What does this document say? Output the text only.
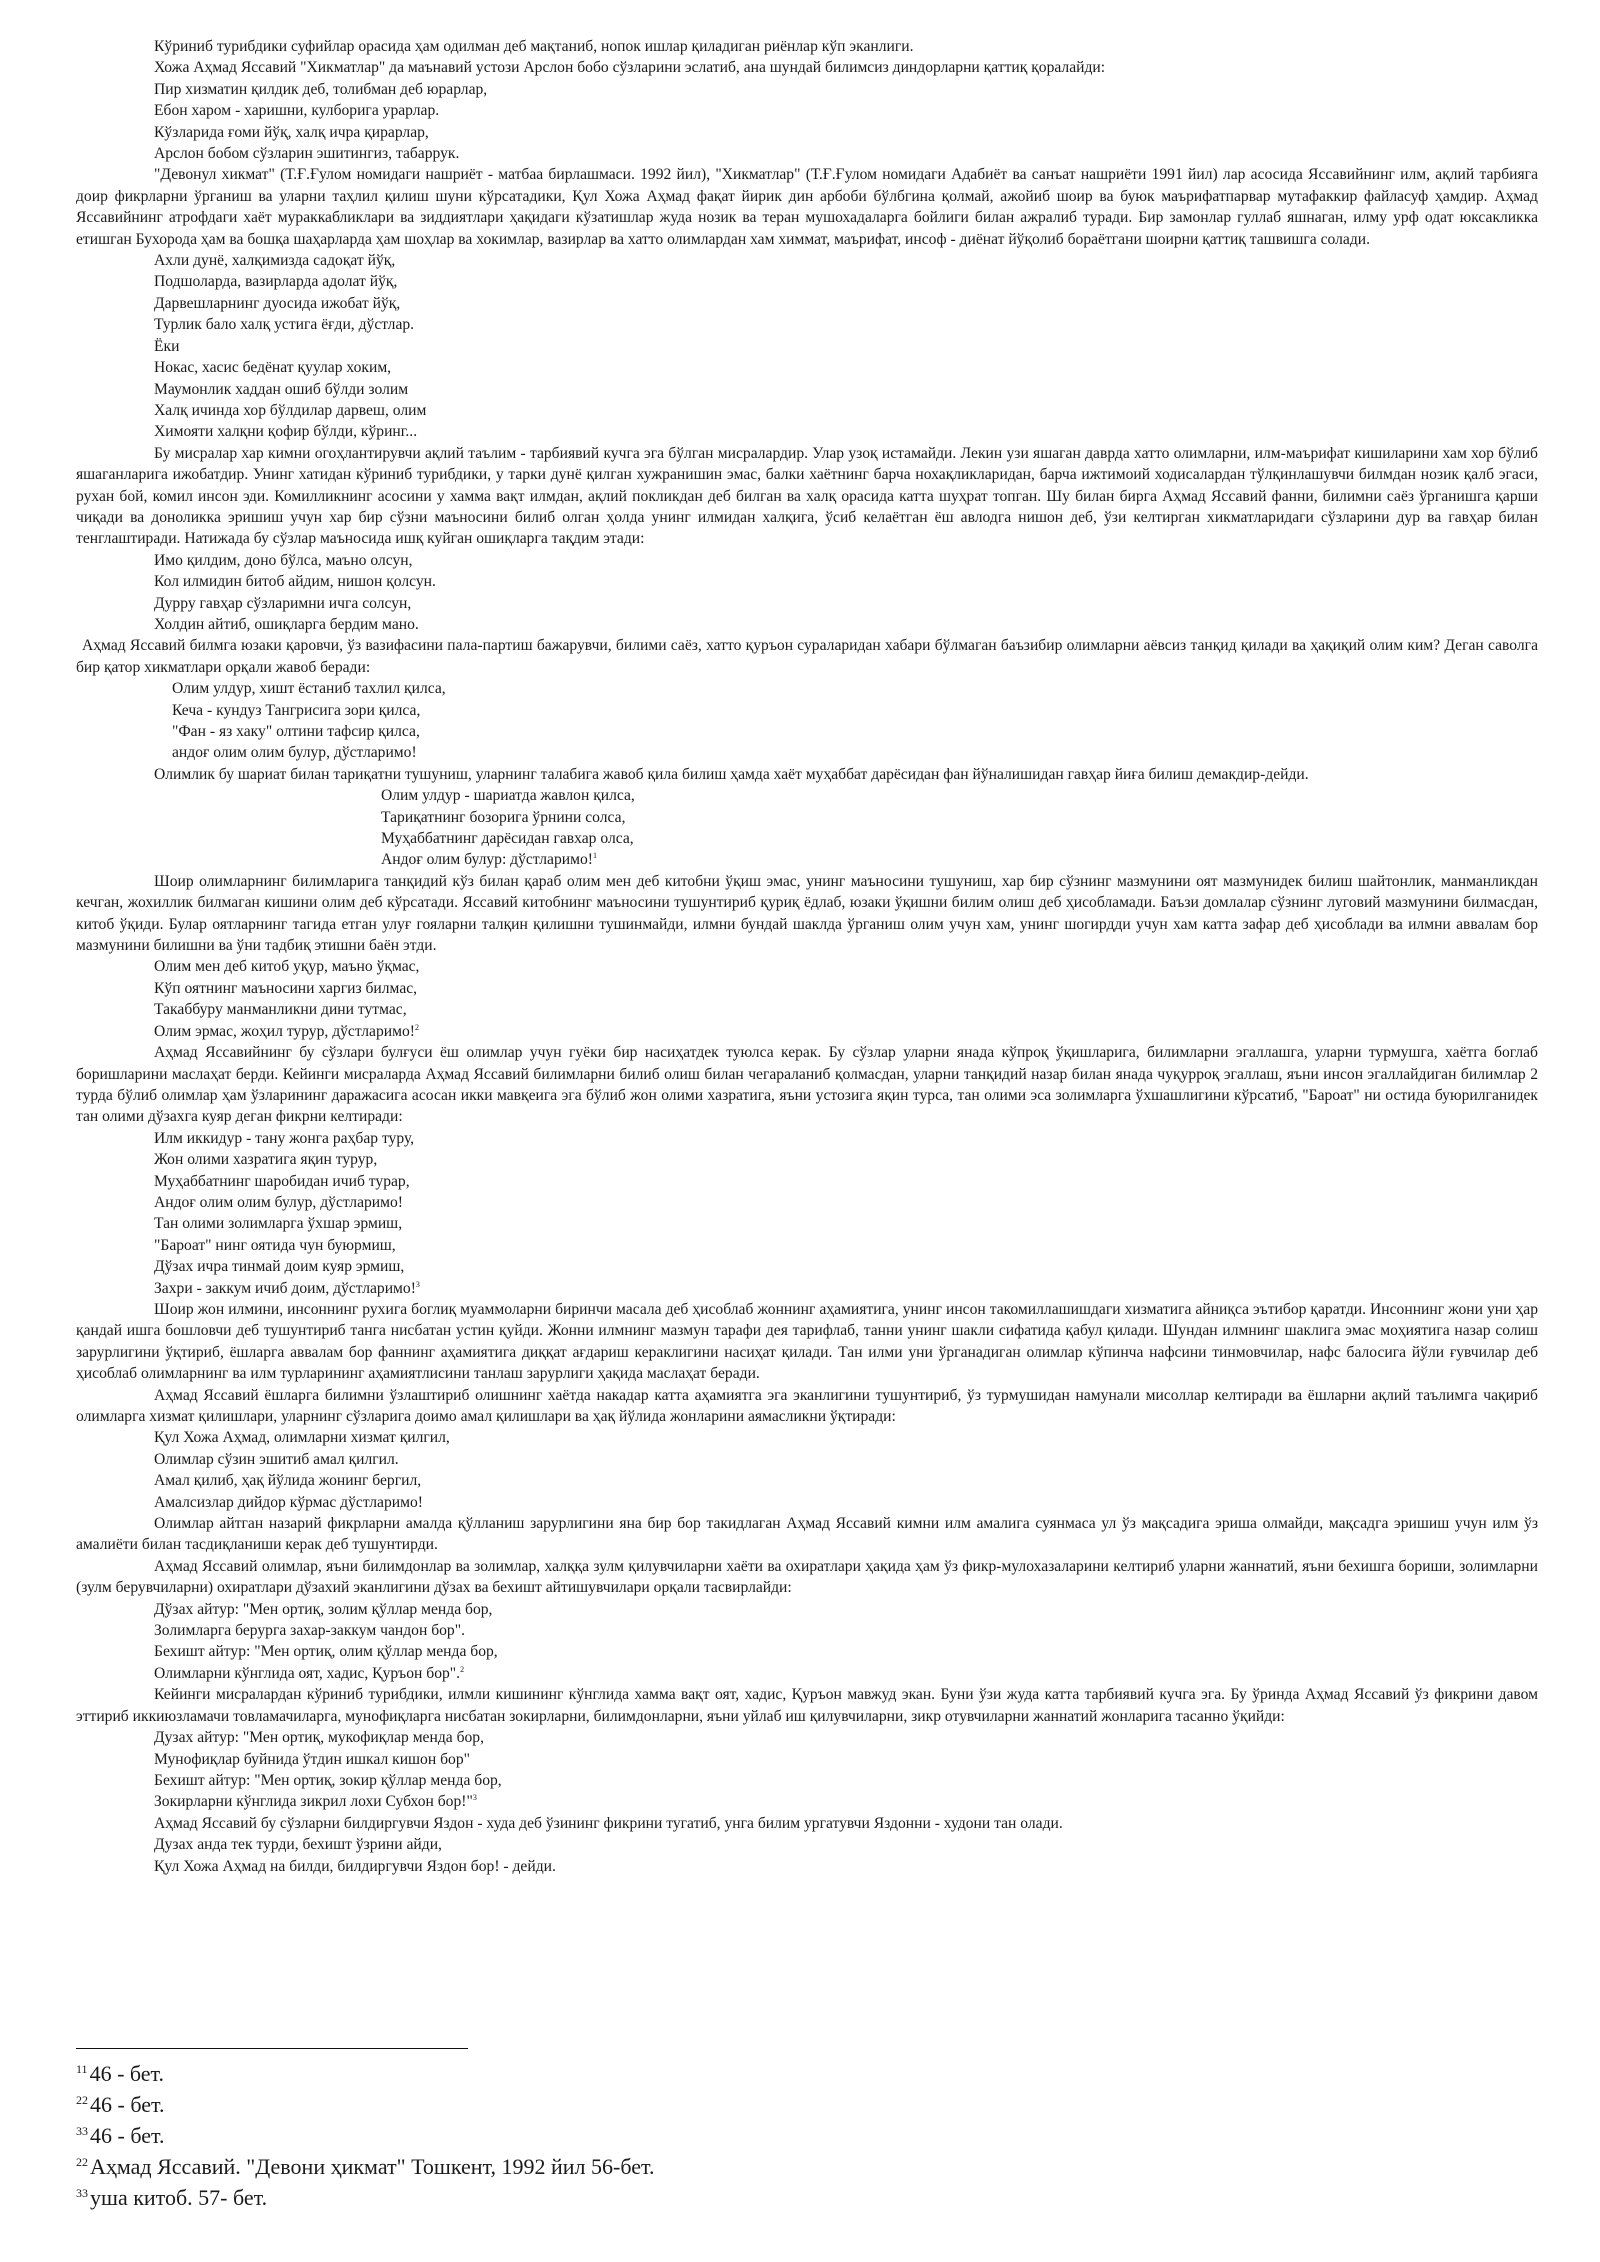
Кўриниб турибдики суфийлар орасида ҳам одилман деб мақтаниб, нопок ишлар қиладиган риёнлар кўп эканлиги.

Хожа Аҳмад Яссавий "Хикматлар" да маънавий устози Арслон бобо сўзларини эслатиб, ана шундай билимсиз диндорларни қаттиқ қоралайди:

Пир хизматин қилдик деб, толибман деб юрарлар,
Ебон харом - харишни, кулборига урарлар.
Кўзларида ғоми йўқ, халқ ичра қирарлар,
Арслон бобом сўзларин эшитингиз, табаррук.

"Девонул хикмат" (Т.Ғ.Ғулом номидаги нашриёт - матбаа бирлашмаси. 1992 йил), "Хикматлар" (Т.Ғ.Ғулом номидаги Адабиёт ва санъат нашриёти 1991 йил) лар асосида Яссавийнинг илм, ақлий тарбияга доир фикрларни ўрганиш ва уларни таҳлил қилиш шуни кўрсатадики, Қул Хожа Аҳмад фақат йирик дин арбоби бўлбгина қолмай, ажойиб шоир ва буюк маърифатпарвар мутафаккир файласуф ҳамдир. Аҳмад Яссавийнинг атрофдаги хаёт мураккабликлари ва зиддиятлари ҳақидаги кўзатишлар жуда нозик ва теран мушохадаларга бойлиги билан ажралиб туради. Бир замонлар гуллаб яшнаган, илму урф одат юксакликка етишган Бухорода ҳам ва бошқа шаҳарларда ҳам шоҳлар ва хокимлар, вазирлар ва хатто олимлардан хам химмат, маърифат, инсоф - диёнат йўқолиб бораётгани шоирни қаттиқ ташвишга солади.

Ахли дунё, халқимизда садоқат йўқ,
Подшоларда, вазирларда адолат йўқ,
Дарвешларнинг дуосида ижобат йўқ,
Турлик бало халқ устига ёғди, дўстлар.
Ёки
Нокас, хасис бедёнат қуулар хоким,
Маумонлик хаддан ошиб бўлди золим
Халқ ичинда хор бўлдилар дарвеш, олим
Химояти халқни қофир бўлди, кўринг...

Бу мисралар хар кимни огоҳлантирувчи ақлий таълим - тарбиявий кучга эга бўлган мисралардир. Улар узоқ истамайди. Лекин узи яшаган даврда хатто олимларни, илм-маърифат кишиларини хам хор бўлиб яшаганларига ижобатдир. Унинг хатидан кўриниб турибдики, у тарки дунё қилган хужранишин эмас, балки хаётнинг барча нохақликларидан, барча ижтимоий ходисалардан тўлқинлашувчи билмдан нозик қалб эгаси, рухан бой, комил инсон эди. Комилликнинг асосини у хамма вақт илмдан, ақлий покликдан деб билган ва халқ орасида катта шуҳрат топган. Шу билан бирга Аҳмад Яссавий фанни, билимни саёз ўрганишга қарши чиқади ва доноликка эришиш учун хар бир сўзни маъносини билиб олган ҳолда унинг илмидан халқига, ўсиб келаётган ёш авлодга нишон деб, ўзи келтирган хикматларидаги сўзларини дур ва гавҳар билан тенглаштиради. Натижада бу сўзлар маъносида ишқ куйган ошиқларга тақдим этади:

Имо қилдим, доно бўлса, маъно олсун,
Кол илмидин битоб айдим, нишон қолсун.
Дурру гавҳар сўзларимни ичга солсун,
Холдин айтиб, ошиқларга бердим мано.

Аҳмад Яссавий билмга юзаки қаровчи, ўз вазифасини пала-партиш бажарувчи, билими саёз, хатто қуръон сураларидан хабари бўлмаган баъзибир олимларни аёвсиз танқид қилади ва ҳақиқий олим ким? Деган саволга бир қатор хикматлари орқали жавоб беради:

Олим улдур, хишт ёстаниб тахлил қилса,
Кеча - кундуз Тангрисига зори қилса,
"Фан - яз хаку" олтини тафсир қилса,
андоғ олим олим булур, дўстларимо!

Олимлик бу шариат билан тариқатни тушуниш, уларнинг талабига жавоб қила билиш ҳамда хаёт муҳаббат дарёсидан фан йўналишидан гавҳар йиға билиш демакдир-дейди.

Олим улдур - шариатда жавлон қилса,
Тариқатнинг бозорига ўрнини солса,
Муҳаббатнинг дарёсидан гавхар олса,
Андоғ олим булур: дўстларимо!$^1$

Шоир олимларнинг билимларига танқидий кўз билан қараб олим мен деб китобни ўқиш эмас, унинг маъносини тушуниш, хар бир сўзнинг мазмунини оят мазмунидек билиш шайтонлик, манманликдан кечган, жохиллик билмаган кишини олим деб кўрсатади. Яссавий китобнинг маъносини тушунтириб қуриқ ёдлаб, юзаки ўқишни билим олиш деб ҳисобламади. Баъзи домлалар сўзнинг луговий мазмунини билмасдан, китоб ўқиди. Булар оятларнинг тагида етган улуғ гояларни талқин қилишни тушинмайди, илмни бундай шаклда ўрганиш олим учун хам, унинг шогирдди учун хам катта зафар деб ҳисоблади ва илмни аввалам бор мазмунини билишни ва ўни тадбиқ этишни баён этди.

Олим мен деб китоб уқур, маъно ўқмас,
Кўп оятнинг маъносини харгиз билмас,
Такаббуру манманликни дини тутмас,
Олим эрмас, жоҳил турур, дўстларимо!$^2$

Аҳмад Яссавийнинг бу сўзлари булғуси ёш олимлар учун гуёки бир насиҳатдек туюлса керак. Бу сўзлар уларни янада кўпроқ ўқишларига, билимларни эгаллашга, уларни турмушга, хаётга боглаб боришларини маслаҳат берди. Кейинги мисраларда Аҳмад Яссавий билимларни билиб олиш билан чегараланиб қолмасдан, уларни танқидий назар билан янада чуқурроқ эгаллаш, яъни инсон эгаллайдиган билимлар 2 турда бўлиб олимлар ҳам ўзларининг даражасига асосан икки мавқеига эга бўлиб жон олими хазратига, яъни устозига яқин турса, тан олими эса золимларга ўхшашлигини кўрсатиб, "Бароат" ни остида буюрилганидек тан олими дўзахга куяр деган фикрни келтиради:

Илм иккидур - тану жонга раҳбар туру,
Жон олими хазратига яқин турур,
Муҳаббатнинг шаробидан ичиб турар,
Андоғ олим олим булур, дўстларимо!
Тан олими золимларга ўхшар эрмиш,
"Бароат" нинг оятида чун буюрмиш,
Дўзах ичра тинмай доим куяр эрмиш,
Захри - заккум ичиб доим, дўстларимо!$^3$

Шоир жон илмини, инсоннинг рухига боглиқ муаммоларни биринчи масала деб ҳисоблаб жоннинг аҳамиятига, унинг инсон такомиллашишдаги хизматига айниқса эътибор қаратди. Инсоннинг жони уни ҳар қандай ишга бошловчи деб тушунтириб танга нисбатан устин қуйди. Жонни илмнинг мазмун тарафи дея тарифлаб, танни унинг шакли сифатида қабул қилади. Шундан илмнинг шаклига эмас моҳиятига назар солиш зарурлигини ўқтириб, ёшларга аввалам бор фаннинг аҳамиятига диққат ағдариш кераклигини насиҳат қилади. Тан илми уни ўрганадиган олимлар кўпинча нафсини тинмовчилар, нафс балосига йўли ғувчилар деб ҳисоблаб олимларнинг ва илм турларининг аҳамиятлисини танлаш зарурлиги ҳақида маслаҳат беради.

Аҳмад Яссавий ёшларга билимни ўзлаштириб олишнинг хаётда накадар катта аҳамиятга эга эканлигини тушунтириб, ўз турмушидан намунали мисоллар келтиради ва ёшларни ақлий таълимга чақириб олимларга хизмат қилишлари, уларнинг сўзларига доимо амал қилишлари ва ҳақ йўлида жонларини аямасликни ўқтиради:

Қул Хожа Аҳмад, олимларни хизмат қилгил,
Олимлар сўзин эшитиб амал қилгил.
Амал қилиб, ҳақ йўлида жонинг бергил,
Амалсизлар дийдор кўрмас дўстларимо!

Олимлар айтган назарий фикрларни амалда қўлланиш зарурлигини яна бир бор такидлаган Аҳмад Яссавий кимни илм амалига суянмаса ул ўз мақсадига эриша олмайди, мақсадга эришиш учун илм ўз амалиёти билан тасдиқланиши керак деб тушунтирди.

Аҳмад Яссавий олимлар, яъни билимдонлар ва золимлар, халққа зулм қилувчиларни хаёти ва охиратлари ҳақида ҳам ўз фикр-мулохазаларини келтириб уларни жаннатий, яъни бехишга бориши, золимларни (зулм берувчиларни) охиратлари дўзахий эканлигини дўзах ва бехишт айтишувчилари орқали тасвирлайди:

Дўзах айтур: "Мен ортиқ, золим қўллар менда бор,
Золимларга берурга захар-заккум чандон бор".
Бехишт айтур: "Мен ортиқ, олим қўллар менда бор,
Олимларни кўнглида оят, хадис, Қуръон бор".$^2$

Кейинги мисралардан кўриниб турибдики, илмли кишининг кўнглида хамма вақт оят, хадис, Қуръон мавжуд экан. Буни ўзи жуда катта тарбиявий кучга эга. Бу ўринда Аҳмад Яссавий ўз фикрини давом эттириб иккиюзламачи товламачиларга, мунофиқларга нисбатан зокирларни, билимдонларни, яъни уйлаб иш қилувчиларни, зикр отувчиларни жаннатий жонларига тасанно ўқийди:

Дузах айтур: "Мен ортиқ, мукофиқлар менда бор,
Мунофиқлар буйнида ўтдин ишкал кишон бор"
Бехишт айтур: "Мен ортиқ, зокир қўллар менда бор,
Зокирларни кўнглида зикрил лохи Субхон бор!"$^3$

Аҳмад Яссавий бу сўзларни билдиргувчи Яздон - худа деб ўзининг фикрини тугатиб, унга билим ургатувчи Яздонни - худони тан олади.

Дузах анда тек турди, бехишт ўзрини айди,
Қул Хожа Аҳмад на билди, билдиргувчи Яздон бор! - дейди.
$^{11}$46 - бет.
$^{22}$46 - бет.
$^{33}$46 - бет.
$^{22}$Аҳмад Яссавий. "Девони ҳикмат" Тошкент, 1992 йил 56-бет.
$^{33}$уша китоб. 57- бет.
